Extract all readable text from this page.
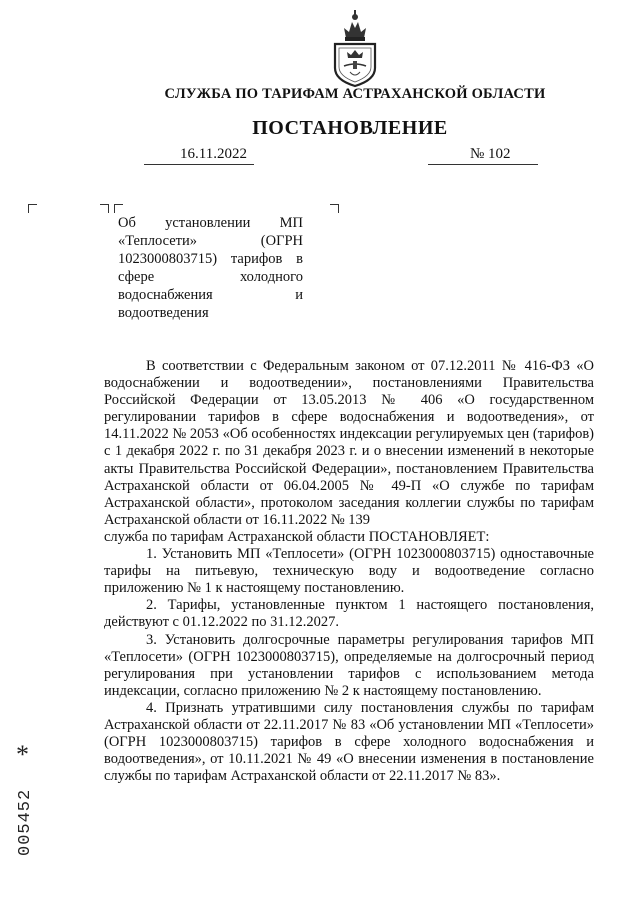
СЛУЖБА ПО ТАРИФАМ АСТРАХАНСКОЙ ОБЛАСТИ
ПОСТАНОВЛЕНИЕ
16.11.2022	№ 102
Об установлении МП «Теплосети» (ОГРН 1023000803715) тарифов в сфере холодного водоснабжения и водоотведения

В соответствии с Федеральным законом от 07.12.2011 № 416-ФЗ «О водоснабжении и водоотведении», постановлениями Правительства Российской Федерации от 13.05.2013 № 406 «О государственном регулировании тарифов в сфере водоснабжения и водоотведения», от 14.11.2022 № 2053 «Об особенностях индексации регулируемых цен (тарифов) с 1 декабря 2022 г. по 31 декабря 2023 г. и о внесении изменений в некоторые акты Правительства Российской Федерации», постановлением Правительства Астраханской области от 06.04.2005 № 49-П «О службе по тарифам Астраханской области», протоколом заседания коллегии службы по тарифам Астраханской области от 16.11.2022 № 139

служба по тарифам Астраханской области ПОСТАНОВЛЯЕТ:

1. Установить МП «Теплосети» (ОГРН 1023000803715) одноставочные тарифы на питьевую, техническую воду и водоотведение согласно приложению № 1 к настоящему постановлению.

2. Тарифы, установленные пунктом 1 настоящего постановления, действуют с 01.12.2022 по 31.12.2027.

3. Установить долгосрочные параметры регулирования тарифов МП «Теплосети» (ОГРН 1023000803715), определяемые на долгосрочный период регулирования при установлении тарифов с использованием метода индексации, согласно приложению № 2 к настоящему постановлению.

4. Признать утратившими силу постановления службы по тарифам Астраханской области от 22.11.2017 № 83 «Об установлении МП «Теплосети» (ОГРН 1023000803715) тарифов в сфере холодного водоснабжения и водоотведения», от 10.11.2021 № 49 «О внесении изменения в постановление службы по тарифам Астраханской области от 22.11.2017 № 83».

*
005452
